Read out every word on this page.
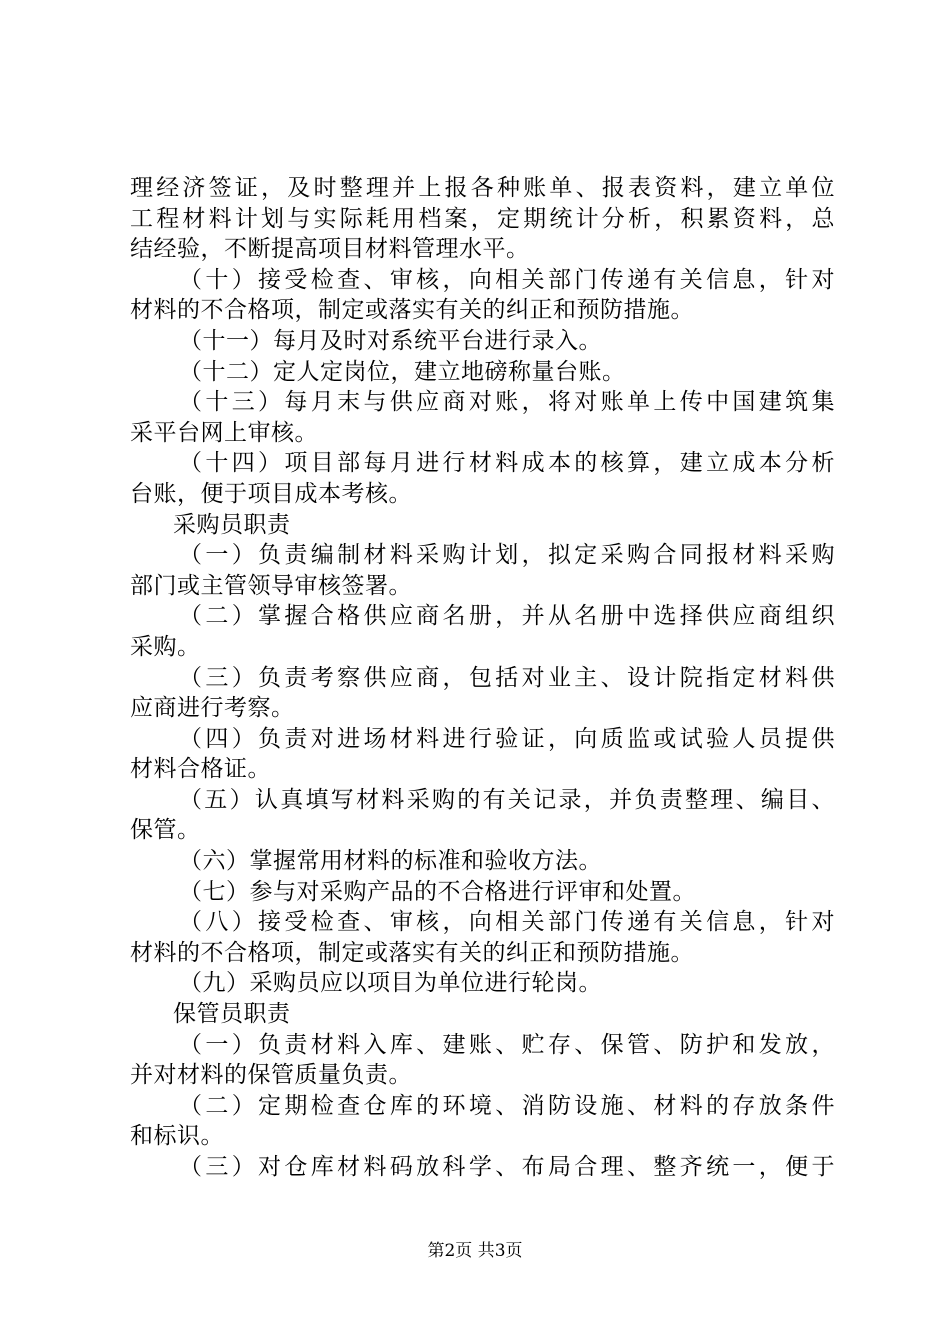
理经济签证，及时整理并上报各种账单、报表资料，建立单位
工程材料计划与实际耗用档案，定期统计分析，积累资料，总
结经验，不断提高项目材料管理水平。
（十）接受检查、审核，向相关部门传递有关信息，针对
材料的不合格项，制定或落实有关的纠正和预防措施。
（十一）每月及时对系统平台进行录入。
（十二）定人定岗位，建立地磅称量台账。
（十三）每月末与供应商对账，将对账单上传中国建筑集
采平台网上审核。
（十四）项目部每月进行材料成本的核算，建立成本分析
台账，便于项目成本考核。
采购员职责
（一）负责编制材料采购计划，拟定采购合同报材料采购
部门或主管领导审核签署。
（二）掌握合格供应商名册，并从名册中选择供应商组织
采购。
（三）负责考察供应商，包括对业主、设计院指定材料供
应商进行考察。
（四）负责对进场材料进行验证，向质监或试验人员提供
材料合格证。
（五）认真填写材料采购的有关记录，并负责整理、编目、
保管。
（六）掌握常用材料的标准和验收方法。
（七）参与对采购产品的不合格进行评审和处置。
（八）接受检查、审核，向相关部门传递有关信息，针对
材料的不合格项，制定或落实有关的纠正和预防措施。
（九）采购员应以项目为单位进行轮岗。
保管员职责
（一）负责材料入库、建账、贮存、保管、防护和发放，
并对材料的保管质量负责。
（二）定期检查仓库的环境、消防设施、材料的存放条件
和标识。
（三）对仓库材料码放科学、布局合理、整齐统一，便于
第2页 共3页
